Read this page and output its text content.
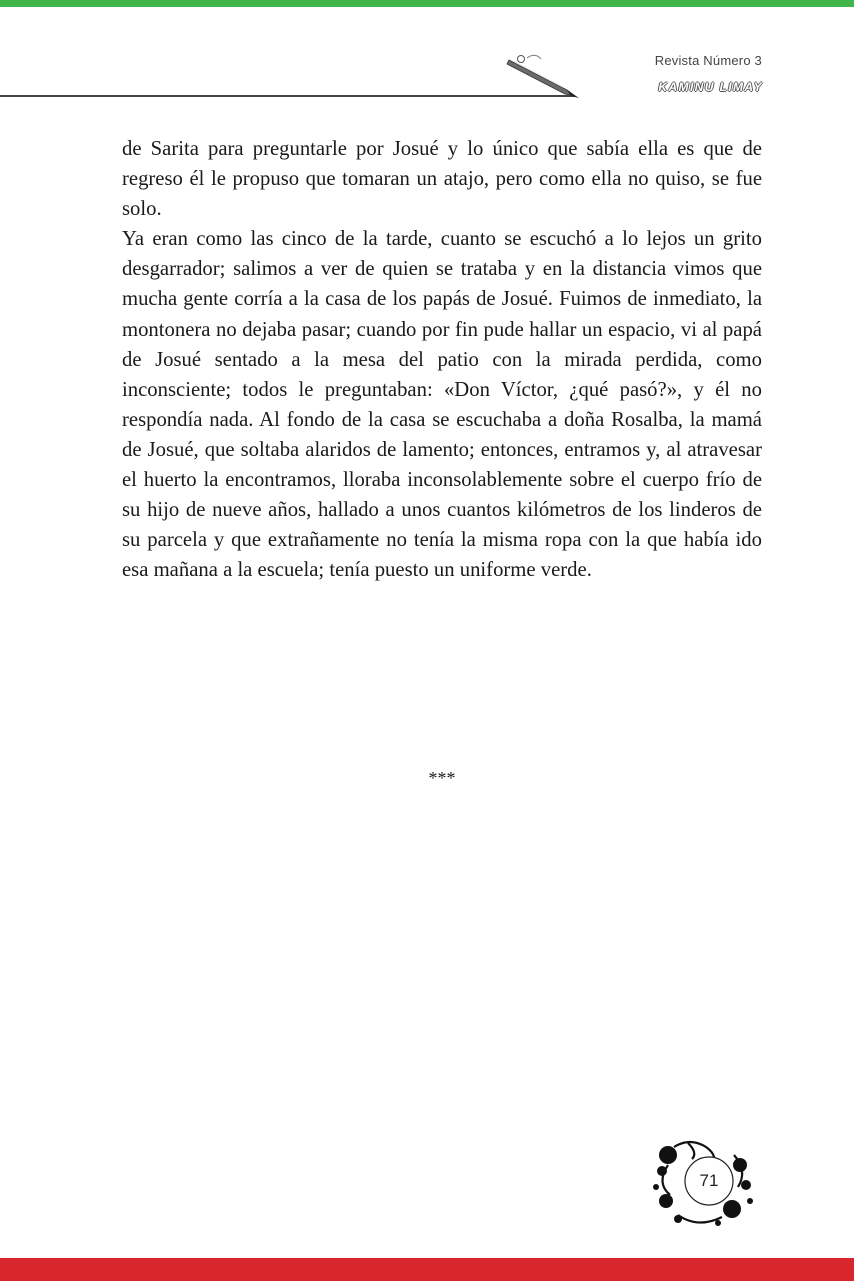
Revista Número 3
KAMINU LIMAY

de Sarita para preguntarle por Josué y lo único que sabía ella es que de regreso él le propuso que tomaran un atajo, pero como ella no quiso, se fue solo.

Ya eran como las cinco de la tarde, cuanto se escuchó a lo lejos un grito desgarrador; salimos a ver de quien se trataba y en la distancia vimos que mucha gente corría a la casa de los papás de Josué. Fuimos de inmediato, la montonera no dejaba pasar; cuando por fin pude hallar un espacio, vi al papá de Josué sentado a la mesa del patio con la mirada perdida, como inconsciente; todos le preguntaban: «Don Víctor, ¿qué pasó?», y él no respondía nada. Al fondo de la casa se escuchaba a doña Rosalba, la mamá de Josué, que soltaba alaridos de lamento; entonces, entramos y, al atravesar el huerto la encontramos, lloraba inconsolablemente sobre el cuerpo frío de su hijo de nueve años, hallado a unos cuantos kilómetros de los linderos de su parcela y que extrañamente no tenía la misma ropa con la que había ido esa mañana a la escuela; tenía puesto un uniforme verde.

***
71
